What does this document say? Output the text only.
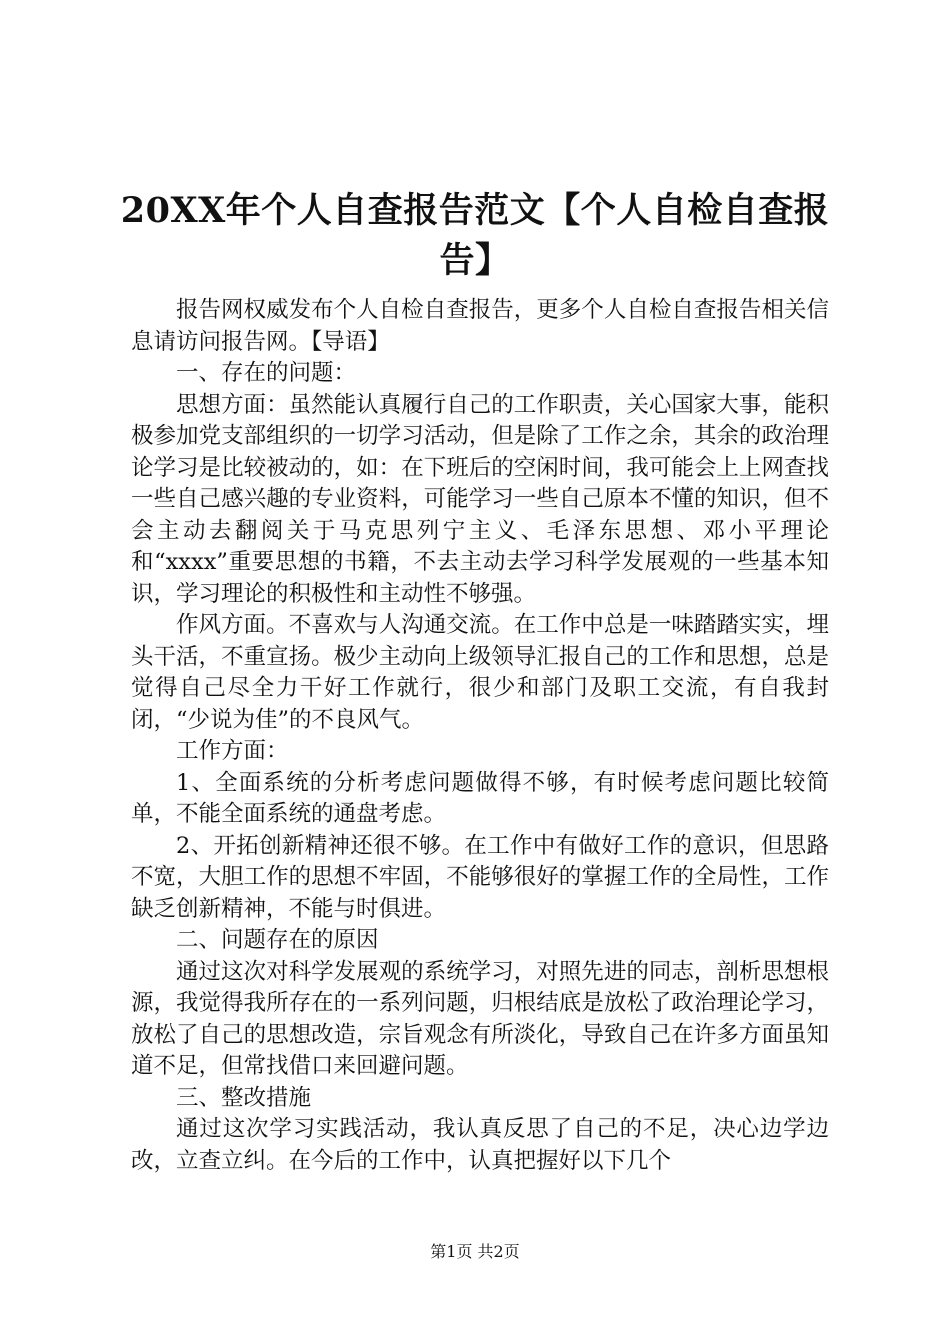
20XX年个人自查报告范文【个人自检自查报告】

报告网权威发布个人自检自查报告，更多个人自检自查报告相关信息请访问报告网。【导语】

一、存在的问题：

思想方面：虽然能认真履行自己的工作职责，关心国家大事，能积极参加党支部组织的一切学习活动，但是除了工作之余，其余的政治理论学习是比较被动的，如：在下班后的空闲时间，我可能会上上网查找一些自己感兴趣的专业资料，可能学习一些自己原本不懂的知识，但不会主动去翻阅关于马克思列宁主义、毛泽东思想、邓小平理论和“xxxx”重要思想的书籍，不去主动去学习科学发展观的一些基本知识，学习理论的积极性和主动性不够强。

作风方面。不喜欢与人沟通交流。在工作中总是一味踏踏实实，埋头干活，不重宣扬。极少主动向上级领导汇报自己的工作和思想，总是觉得自己尽全力干好工作就行，很少和部门及职工交流，有自我封闭，“少说为佳”的不良风气。

工作方面：

1、全面系统的分析考虑问题做得不够，有时候考虑问题比较简单，不能全面系统的通盘考虑。

2、开拓创新精神还很不够。在工作中有做好工作的意识，但思路不宽，大胆工作的思想不牢固，不能够很好的掌握工作的全局性，工作缺乏创新精神，不能与时俱进。

二、问题存在的原因

通过这次对科学发展观的系统学习，对照先进的同志，剖析思想根源，我觉得我所存在的一系列问题，归根结底是放松了政治理论学习，放松了自己的思想改造，宗旨观念有所淡化，导致自己在许多方面虽知道不足，但常找借口来回避问题。

三、整改措施

通过这次学习实践活动，我认真反思了自己的不足，决心边学边改，立查立纠。在今后的工作中，认真把握好以下几个

第1页 共2页
